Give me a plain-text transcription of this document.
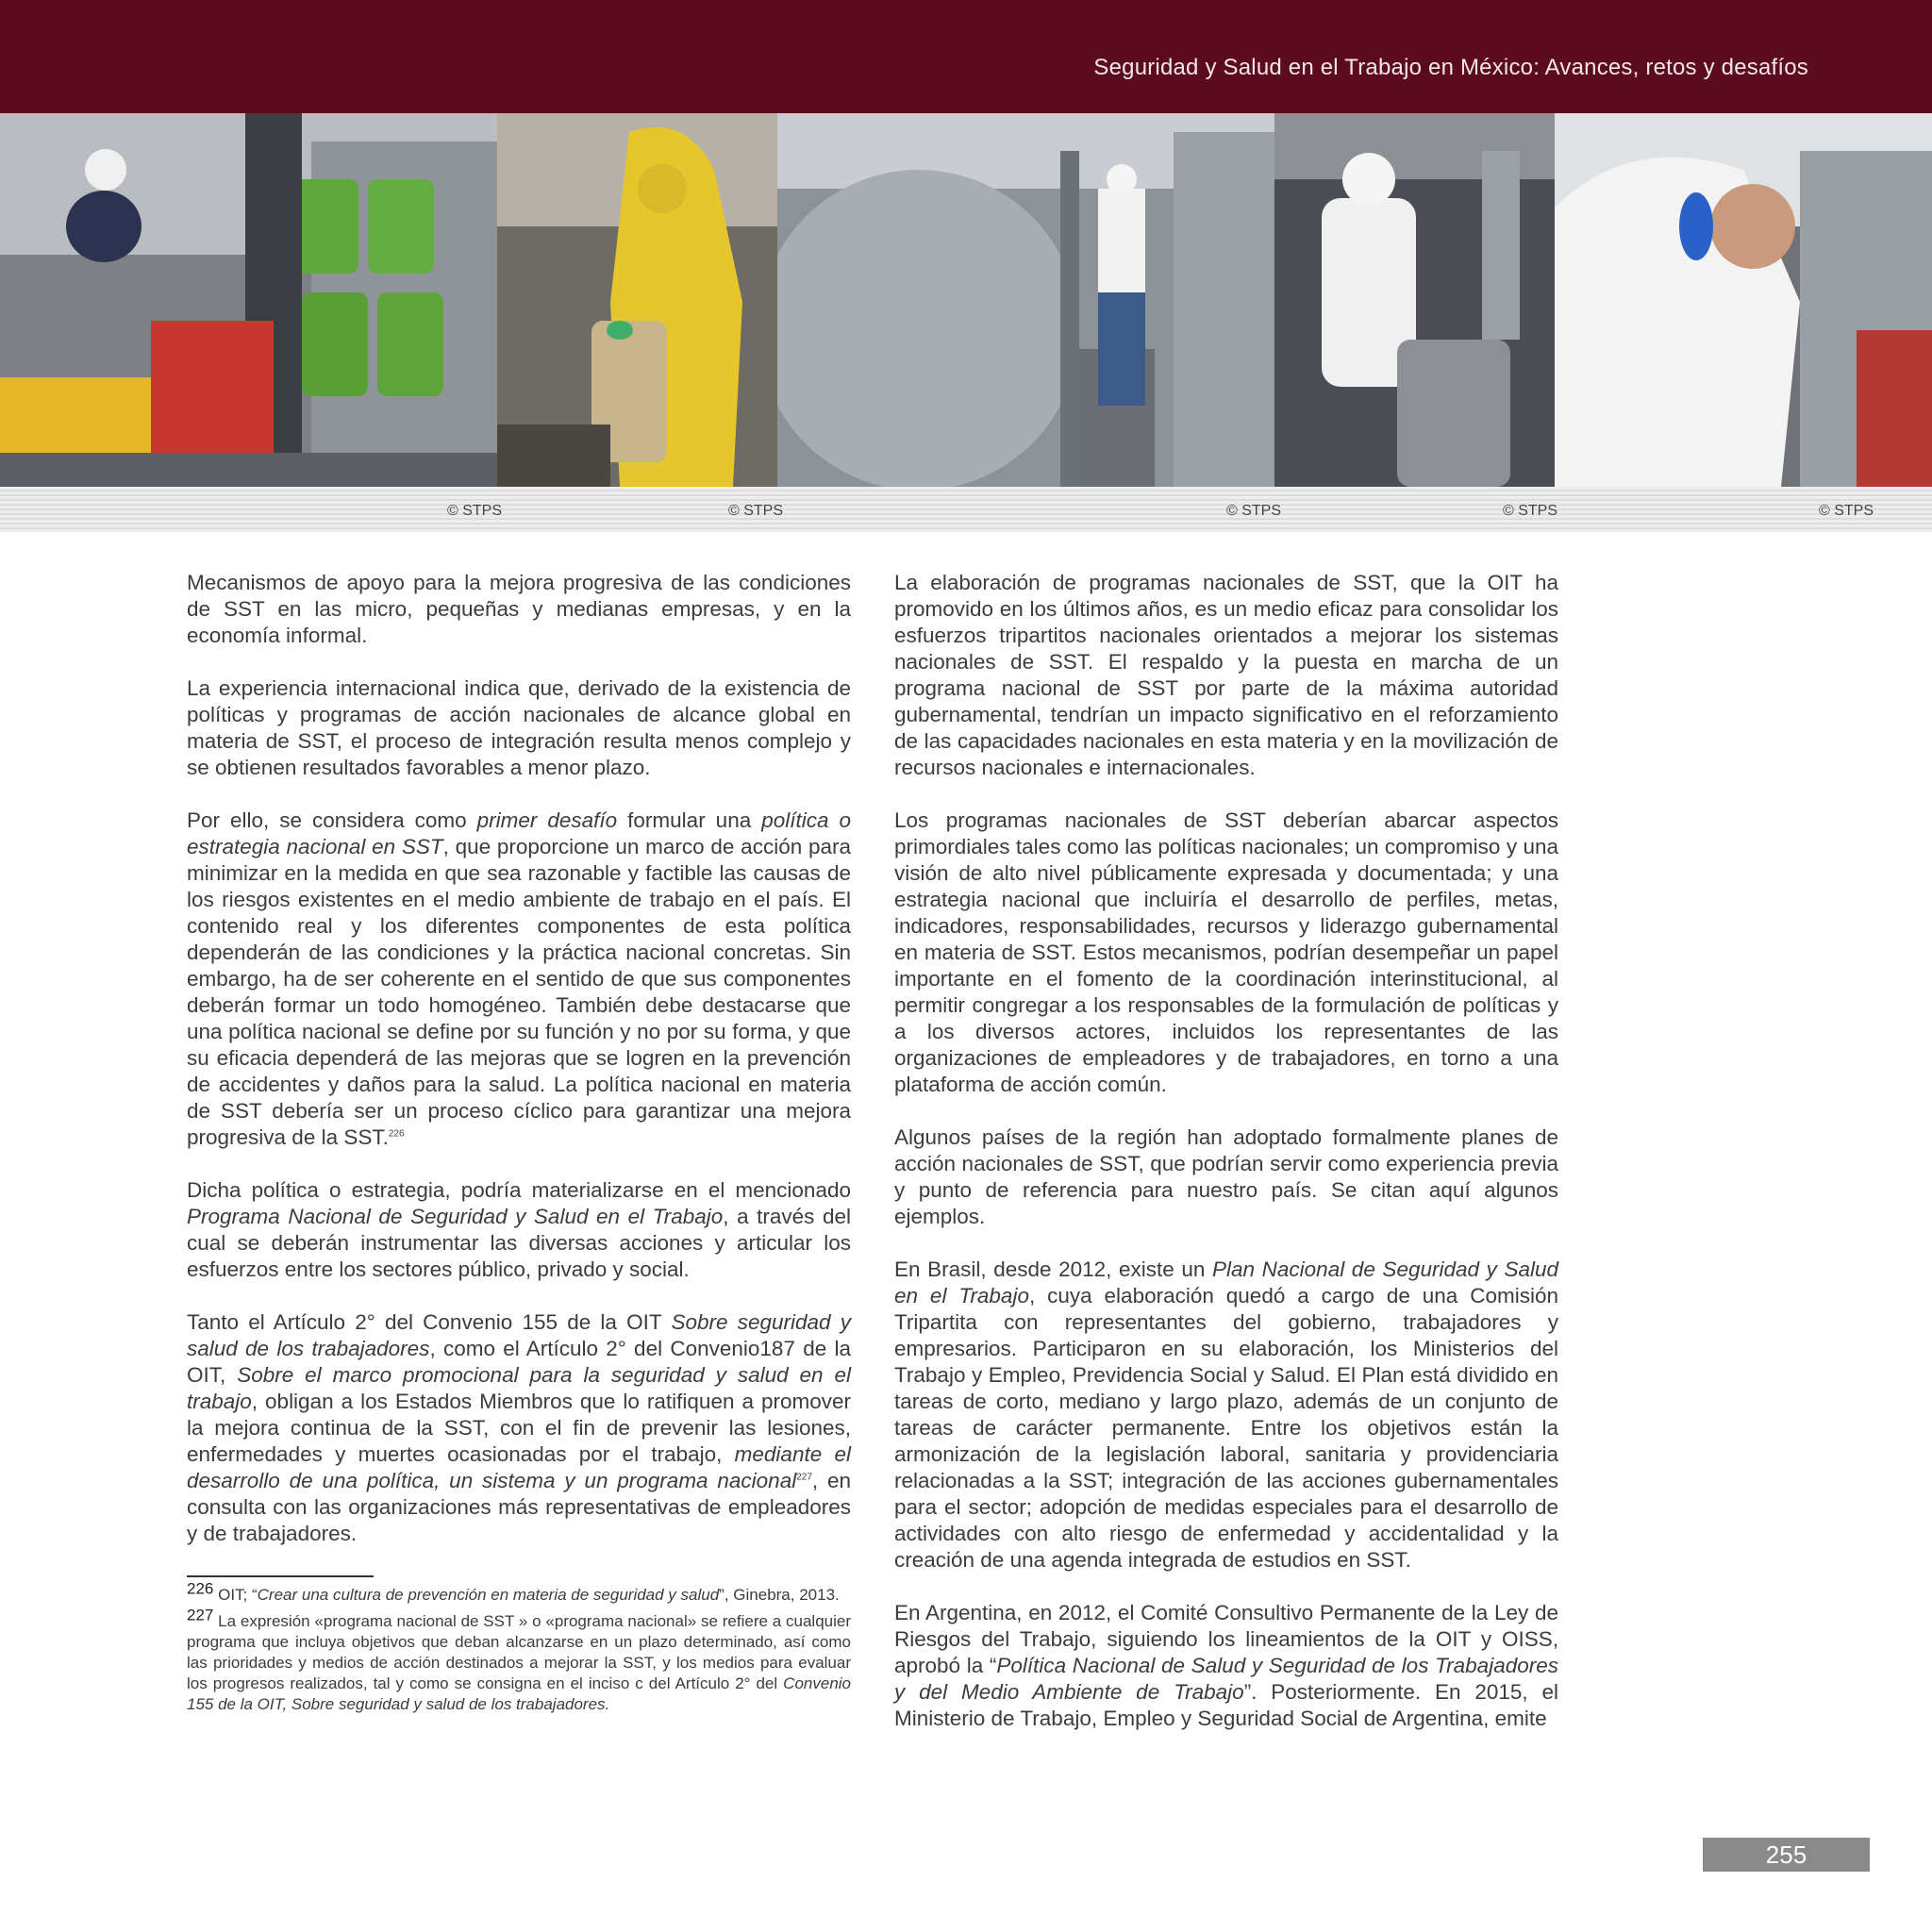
Seguridad y Salud en el Trabajo en México: Avances, retos y desafíos
© STPS	© STPS	© STPS	© STPS	© STPS

Mecanismos de apoyo para la mejora progresiva de las condiciones de SST en las micro, pequeñas y medianas empresas, y en la economía informal.

La experiencia internacional indica que, derivado de la existencia de políticas y programas de acción nacionales de alcance global en materia de SST, el proceso de integración resulta menos complejo y se obtienen resultados favorables a menor plazo.

Por ello, se considera como primer desafío formular una política o estrategia nacional en SST, que proporcione un marco de acción para minimizar en la medida en que sea razonable y factible las causas de los riesgos existentes en el medio ambiente de trabajo en el país. El contenido real y los diferentes componentes de esta política dependerán de las condiciones y la práctica nacional concretas. Sin embargo, ha de ser coherente en el sentido de que sus componentes deberán formar un todo homogéneo. También debe destacarse que una política nacional se define por su función y no por su forma, y que su eficacia dependerá de las mejoras que se logren en la prevención de accidentes y daños para la salud. La política nacional en materia de SST debería ser un proceso cíclico para garantizar una mejora progresiva de la SST.$^{226}$

Dicha política o estrategia, podría materializarse en el mencionado Programa Nacional de Seguridad y Salud en el Trabajo, a través del cual se deberán instrumentar las diversas acciones y articular los esfuerzos entre los sectores público, privado y social.

Tanto el Artículo 2° del Convenio 155 de la OIT Sobre seguridad y salud de los trabajadores, como el Artículo 2° del Convenio187 de la OIT, Sobre el marco promocional para la seguridad y salud en el trabajo, obligan a los Estados Miembros que lo ratifiquen a promover la mejora continua de la SST, con el fin de prevenir las lesiones, enfermedades y muertes ocasionadas por el trabajo, mediante el desarrollo de una política, un sistema y un programa nacional$^{227}$, en consulta con las organizaciones más representativas de empleadores y de trabajadores.

226 OIT; “Crear una cultura de prevención en materia de seguridad y salud”, Ginebra, 2013.

227 La expresión «programa nacional de SST » o «programa nacional» se refiere a cualquier programa que incluya objetivos que deban alcanzarse en un plazo determinado, así como las prioridades y medios de acción destinados a mejorar la SST, y los medios para evaluar los progresos realizados, tal y como se consigna en el inciso c del Artículo 2° del Convenio 155 de la OIT, Sobre seguridad y salud de los trabajadores.

La elaboración de programas nacionales de SST, que la OIT ha promovido en los últimos años, es un medio eficaz para consolidar los esfuerzos tripartitos nacionales orientados a mejorar los sistemas nacionales de SST. El respaldo y la puesta en marcha de un programa nacional de SST por parte de la máxima autoridad gubernamental, tendrían un impacto significativo en el reforzamiento de las capacidades nacionales en esta materia y en la movilización de recursos nacionales e internacionales.

Los programas nacionales de SST deberían abarcar aspectos primordiales tales como las políticas nacionales; un compromiso y una visión de alto nivel públicamente expresada y documentada; y una estrategia nacional que incluiría el desarrollo de perfiles, metas, indicadores, responsabilidades, recursos y liderazgo gubernamental en materia de SST. Estos mecanismos, podrían desempeñar un papel importante en el fomento de la coordinación interinstitucional, al permitir congregar a los responsables de la formulación de políticas y a los diversos actores, incluidos los representantes de las organizaciones de empleadores y de trabajadores, en torno a una plataforma de acción común.

Algunos países de la región han adoptado formalmente planes de acción nacionales de SST, que podrían servir como experiencia previa y punto de referencia para nuestro país. Se citan aquí algunos ejemplos.

En Brasil, desde 2012, existe un Plan Nacional de Seguridad y Salud en el Trabajo, cuya elaboración quedó a cargo de una Comisión Tripartita con representantes del gobierno, trabajadores y empresarios. Participaron en su elaboración, los Ministerios del Trabajo y Empleo, Previdencia Social y Salud. El Plan está dividido en tareas de corto, mediano y largo plazo, además de un conjunto de tareas de carácter permanente. Entre los objetivos están la armonización de la legislación laboral, sanitaria y providenciaria relacionadas a la SST; integración de las acciones gubernamentales para el sector; adopción de medidas especiales para el desarrollo de actividades con alto riesgo de enfermedad y accidentalidad y la creación de una agenda integrada de estudios en SST.

En Argentina, en 2012, el Comité Consultivo Permanente de la Ley de Riesgos del Trabajo, siguiendo los lineamientos de la OIT y OISS, aprobó la “Política Nacional de Salud y Seguridad de los Trabajadores y del Medio Ambiente de Trabajo”. Posteriormente. En 2015, el Ministerio de Trabajo, Empleo y Seguridad Social de Argentina, emite

255
